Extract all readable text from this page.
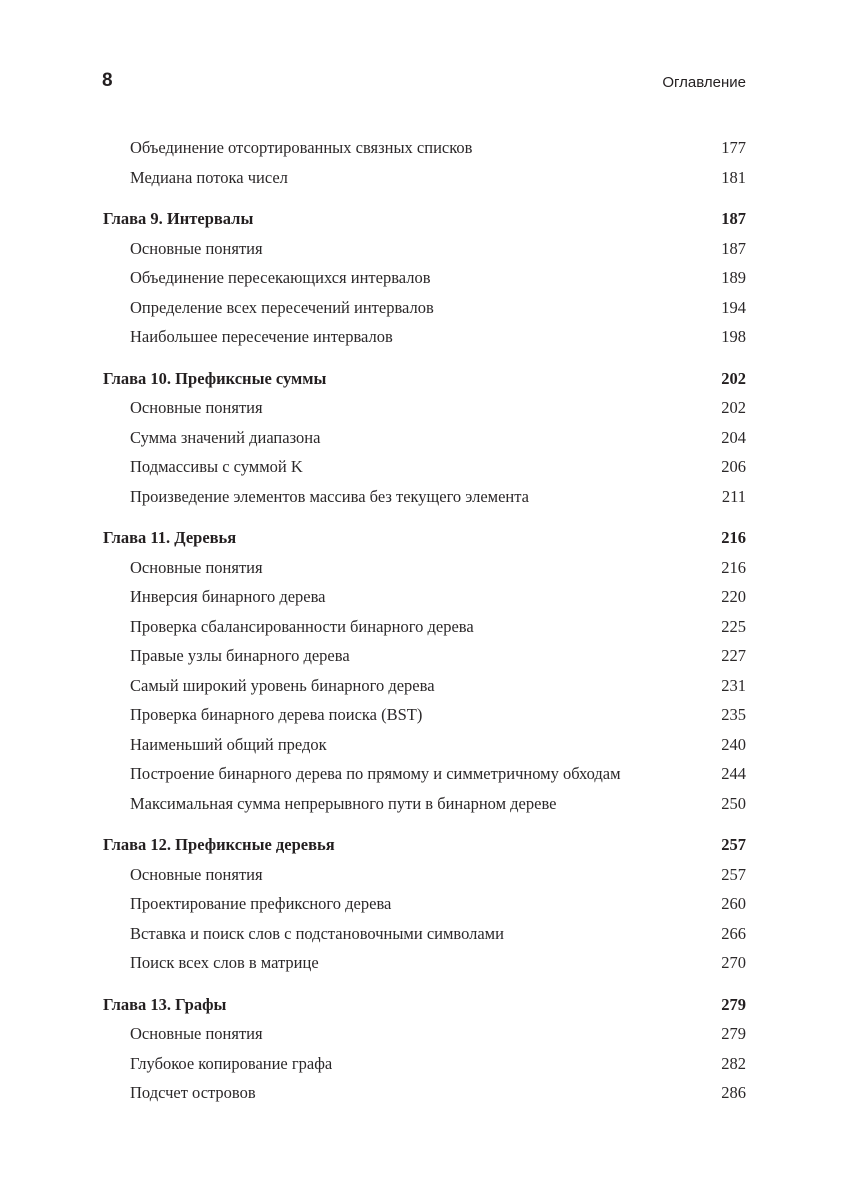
8	Оглавление
Объединение отсортированных связных списков	177
Медиана потока чисел	181
Глава 9. Интервалы	187
Основные понятия	187
Объединение пересекающихся интервалов	189
Определение всех пересечений интервалов	194
Наибольшее пересечение интервалов	198
Глава 10. Префиксные суммы	202
Основные понятия	202
Сумма значений диапазона	204
Подмассивы с суммой K	206
Произведение элементов массива без текущего элемента	211
Глава 11. Деревья	216
Основные понятия	216
Инверсия бинарного дерева	220
Проверка сбалансированности бинарного дерева	225
Правые узлы бинарного дерева	227
Самый широкий уровень бинарного дерева	231
Проверка бинарного дерева поиска (BST)	235
Наименьший общий предок	240
Построение бинарного дерева по прямому и симметричному обходам	244
Максимальная сумма непрерывного пути в бинарном дереве	250
Глава 12. Префиксные деревья	257
Основные понятия	257
Проектирование префиксного дерева	260
Вставка и поиск слов с подстановочными символами	266
Поиск всех слов в матрице	270
Глава 13. Графы	279
Основные понятия	279
Глубокое копирование графа	282
Подсчет островов	286
